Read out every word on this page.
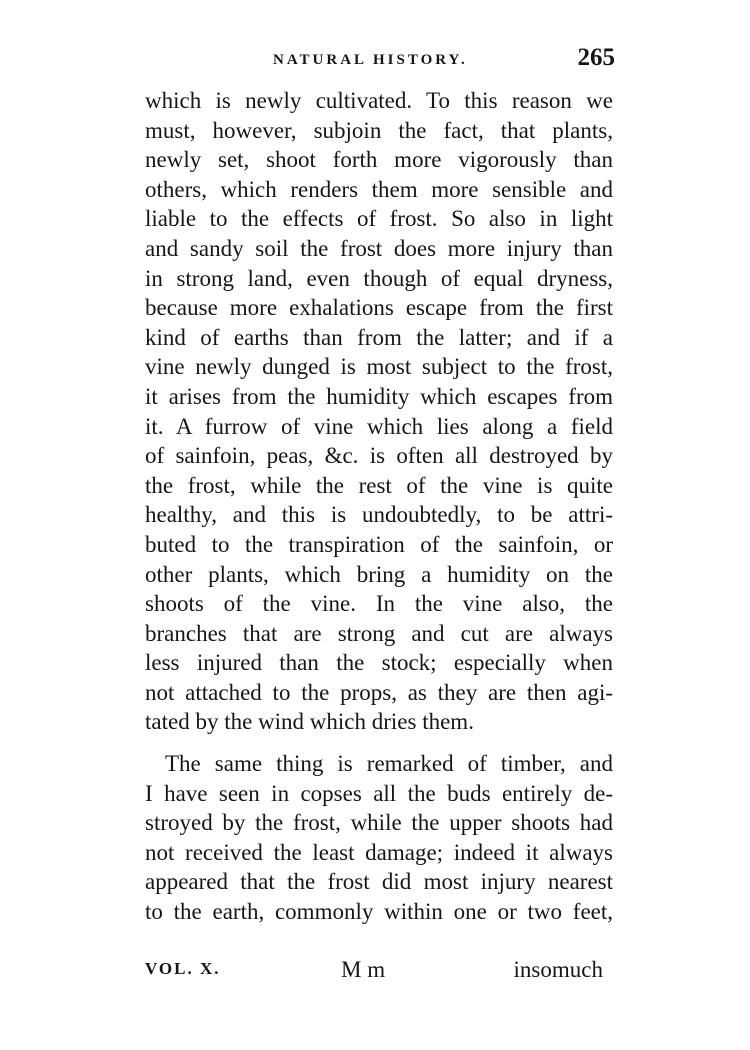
NATURAL HISTORY.	265
which is newly cultivated. To this reason we
must, however, subjoin the fact, that plants,
newly set, shoot forth more vigorously than
others, which renders them more sensible and
liable to the effects of frost. So also in light
and sandy soil the frost does more injury than
in strong land, even though of equal dryness,
because more exhalations escape from the first
kind of earths than from the latter; and if a
vine newly dunged is most subject to the frost,
it arises from the humidity which escapes from
it. A furrow of vine which lies along a field
of sainfoin, peas, &c. is often all destroyed by
the frost, while the rest of the vine is quite
healthy, and this is undoubtedly, to be attri-
buted to the transpiration of the sainfoin, or
other plants, which bring a humidity on the
shoots of the vine. In the vine also, the
branches that are strong and cut are always
less injured than the stock; especially when
not attached to the props, as they are then agi-
tated by the wind which dries them.
The same thing is remarked of timber, and
I have seen in copses all the buds entirely de-
stroyed by the frost, while the upper shoots had
not received the least damage; indeed it always
appeared that the frost did most injury nearest
to the earth, commonly within one or two feet,
VOL. X.	M m	insomuch
